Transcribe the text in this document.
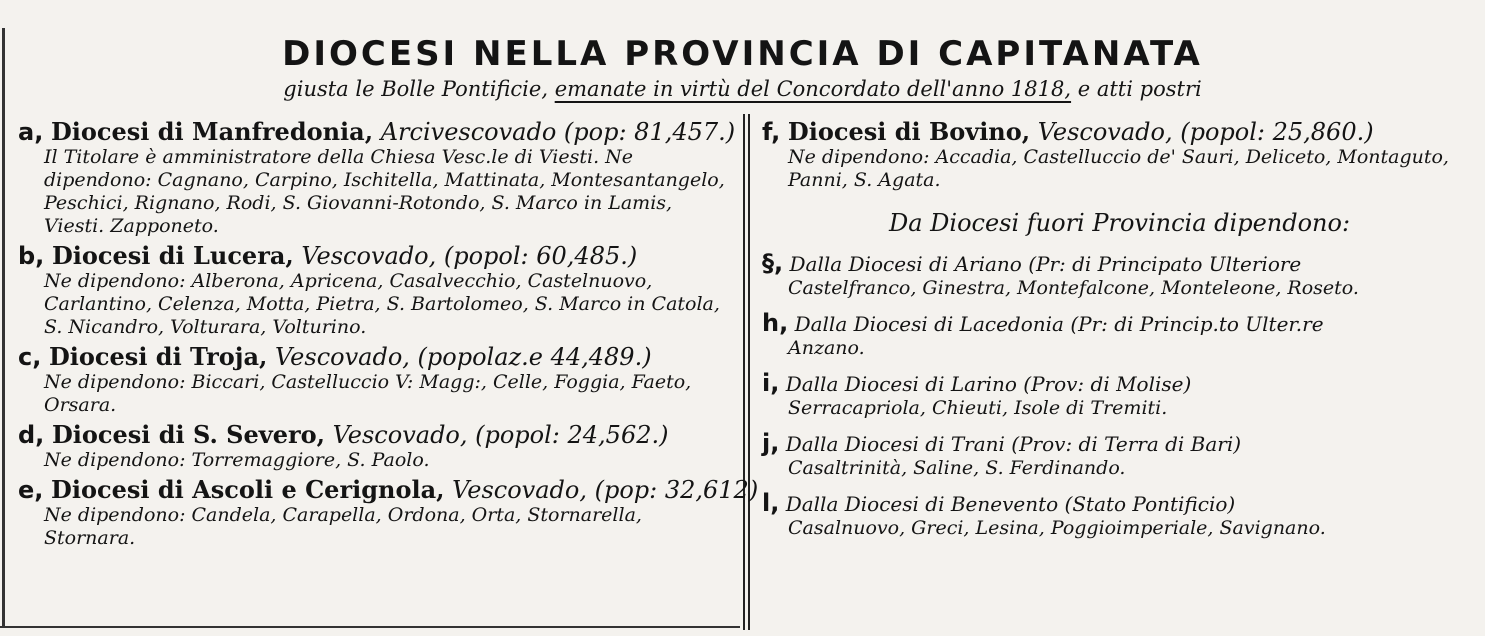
DIOCESI NELLA PROVINCIA DI CAPITANATA
giusta le Bolle Pontificie, emanate in virtù del Concordato dell'anno 1818, e atti postri
a, Diocesi di Manfredonia, Arcivescovado (pop: 81,457.)
Il Titolare è amministratore della Chiesa Vesc.le di Viesti. Ne dipendono: Cagnano, Carpino, Ischitella, Mattinata, Montesantangelo, Peschici, Rignano, Rodi, S. Giovanni-Rotondo, S. Marco in Lamis, Viesti. Zapponeto.
b, Diocesi di Lucera, Vescovado, (popol: 60,485.)
Ne dipendono: Alberona, Apricena, Casalvecchio, Castelnuovo, Carlantino, Celenza, Motta, Pietra, S. Bartolomeo, S. Marco in Catola, S. Nicandro, Volturara, Volturino.
c, Diocesi di Troja, Vescovado, (popolaz.e 44,489.)
Ne dipendono: Biccari, Castelluccio V: Magg:, Celle, Foggia, Faeto, Orsara.
d, Diocesi di S. Severo, Vescovado, (popol: 24,562.)
Ne dipendono: Torremaggiore, S. Paolo.
e, Diocesi di Ascoli e Cerignola, Vescovado, (pop: 32,612)
Ne dipendono: Candela, Carapella, Ordona, Orta, Stornarella, Stornara.
f, Diocesi di Bovino, Vescovado, (popol: 25,860.)
Ne dipendono: Accadia, Castelluccio de' Sauri, Deliceto, Montaguto, Panni, S. Agata.
Da Diocesi fuori Provincia dipendono:
§, Dalla Diocesi di Ariano (Pr: di Principato Ulteriore
Castelfranco, Ginestra, Montefalcone, Monteleone, Roseto.
h, Dalla Diocesi di Lacedonia (Pr: di Princip.to Ulter.re
Anzano.
i, Dalla Diocesi di Larino (Prov: di Molise)
Serracapriola, Chieuti, Isole di Tremiti.
j, Dalla Diocesi di Trani (Prov: di Terra di Bari)
Casaltrinità, Saline, S. Ferdinando.
l, Dalla Diocesi di Benevento (Stato Pontificio)
Casalnuovo, Greci, Lesina, Poggioimperiale, Savignano.
